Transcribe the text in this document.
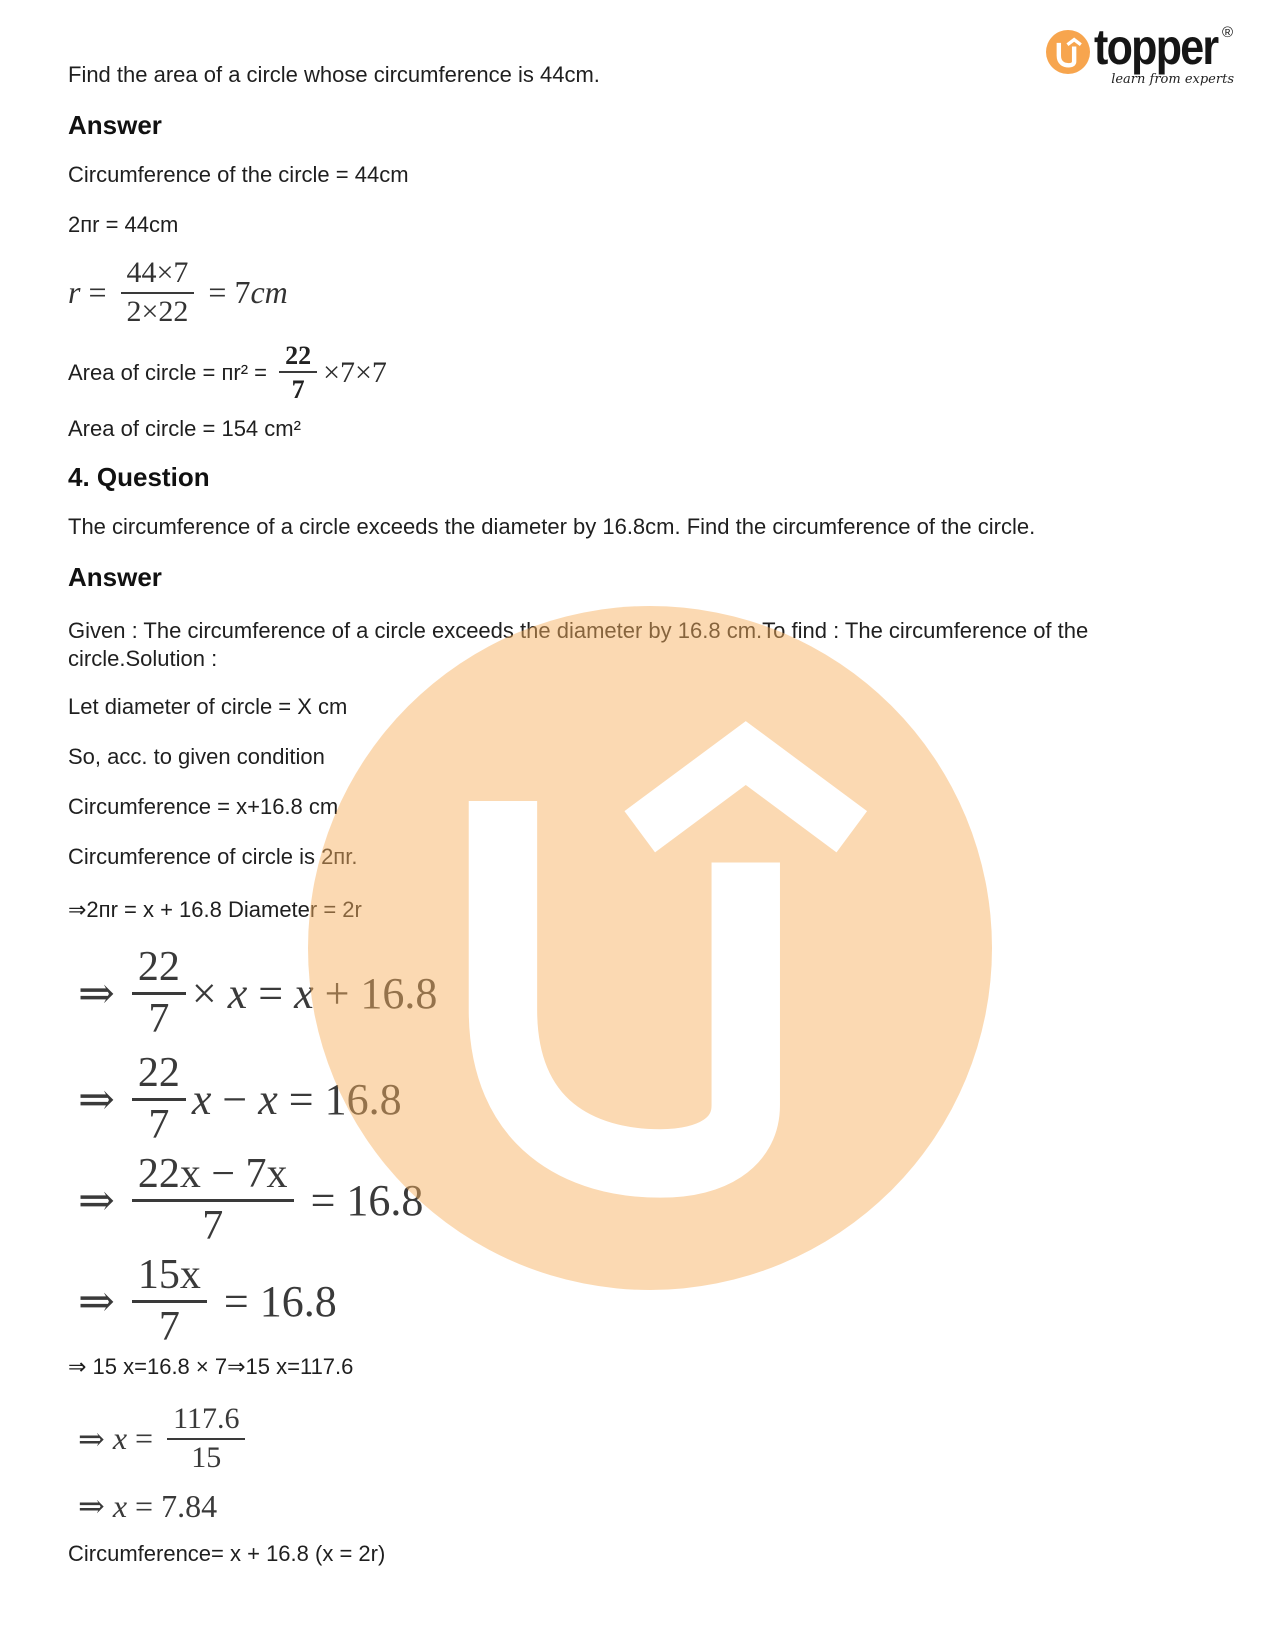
Find the area of a circle whose circumference is 44cm.

Answer

Circumference of the circle = 44cm

2пr = 44cm

$r = \frac{44\times 7}{2\times 22} = 7$ cm
Area of circle = $пr^2 = \frac{22}{7} \times 7\times 7$

Area of circle = 154 cm²

4. Question

The circumference of a circle exceeds the diameter by 16.8cm. Find the circumference of the circle.

Answer

Given : The circumference of a circle exceeds the diameter by 16.8 cm.To find : The circumference of the circle.Solution :

Let diameter of circle = X cm

So, acc. to given condition

Circumference = x+16.8 cm

Circumference of circle is 2пr.

⇒2пr = x + 16.8 Diameter = 2r

⇒ $\frac{22}{7} \times x = x + 16.8$
⇒ $\frac{22}{7}$ x − x = 16.8
⇒ $\frac{22x - 7x}{7} = 16.8$
⇒ $\frac{15x}{7} = 16.8$

⇒ 15 x=16.8 × 7⇒15 x=117.6

⇒ $x = \frac{117.6}{15}$
⇒ x = 7.84

Circumference= x + 16.8 (x = 2r)

topper ®
learn from experts
